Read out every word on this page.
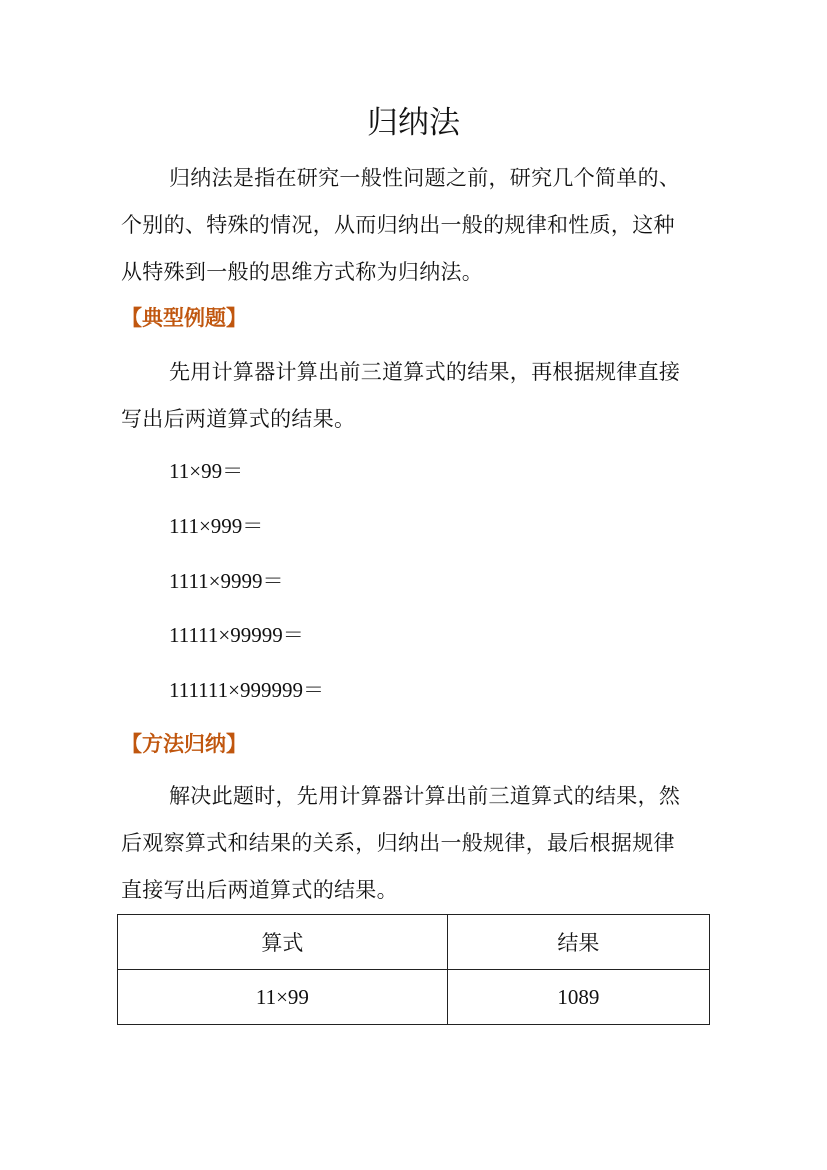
归纳法
归纳法是指在研究一般性问题之前，研究几个简单的、
个别的、特殊的情况，从而归纳出一般的规律和性质，这种
从特殊到一般的思维方式称为归纳法。
【典型例题】
先用计算器计算出前三道算式的结果，再根据规律直接
写出后两道算式的结果。
11×99＝
111×999＝
1111×9999＝
11111×99999＝
111111×999999＝
【方法归纳】
解决此题时，先用计算器计算出前三道算式的结果，然
后观察算式和结果的关系，归纳出一般规律，最后根据规律
直接写出后两道算式的结果。
算式	结果
11×99	1089
